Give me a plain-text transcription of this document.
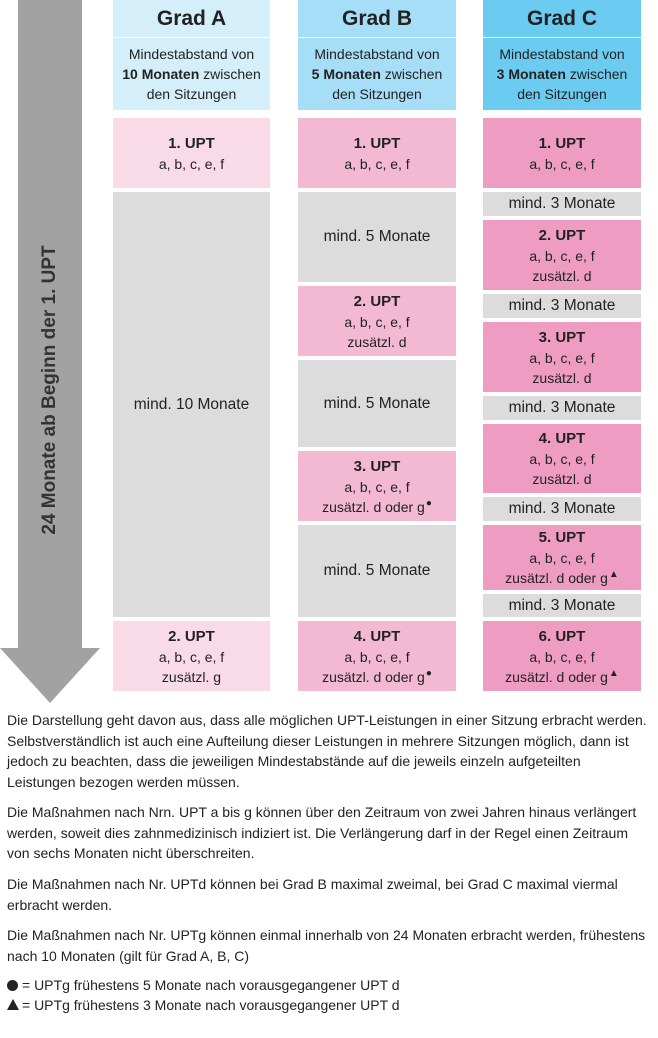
24 Monate ab Beginn der 1. UPT
Grad A
Mindestabstand von
10 Monaten zwischen
den Sitzungen
1. UPT
a, b, c, e, f
mind. 10 Monate
2. UPT
a, b, c, e, f
zusätzl. g
Grad B
Mindestabstand von
5 Monaten zwischen
den Sitzungen
1. UPT
a, b, c, e, f
mind. 5 Monate
2. UPT
a, b, c, e, f
zusätzl. d
mind. 5 Monate
3. UPT
a, b, c, e, f
zusätzl. d oder g●
mind. 5 Monate
4. UPT
a, b, c, e, f
zusätzl. d oder g●
Grad C
Mindestabstand von
3 Monaten zwischen
den Sitzungen
1. UPT
a, b, c, e, f
mind. 3 Monate
2. UPT
a, b, c, e, f
zusätzl. d
mind. 3 Monate
3. UPT
a, b, c, e, f
zusätzl. d
mind. 3 Monate
4. UPT
a, b, c, e, f
zusätzl. d
mind. 3 Monate
5. UPT
a, b, c, e, f
zusätzl. d oder g▲
mind. 3 Monate
6. UPT
a, b, c, e, f
zusätzl. d oder g▲
Die Darstellung geht davon aus, dass alle möglichen UPT-Leistungen in einer Sitzung erbracht werden. Selbstverständlich ist auch eine Aufteilung dieser Leistungen in mehrere Sitzungen möglich, dann ist jedoch zu beachten, dass die jeweiligen Mindestabstände auf die jeweils einzeln aufgeteilten Leistungen bezogen werden müssen.
Die Maßnahmen nach Nrn. UPT a bis g können über den Zeitraum von zwei Jahren hinaus verlängert werden, soweit dies zahnmedizinisch indiziert ist. Die Verlängerung darf in der Regel einen Zeitraum von sechs Monaten nicht überschreiten.
Die Maßnahmen nach Nr. UPTd können bei Grad B maximal zweimal, bei Grad C maximal viermal erbracht werden.
Die Maßnahmen nach Nr. UPTg können einmal innerhalb von 24 Monaten erbracht werden, frühestens nach 10 Monaten (gilt für Grad A, B, C)
= UPTg frühestens 5 Monate nach vorausgegangener UPT d
= UPTg frühestens 3 Monate nach vorausgegangener UPT d
